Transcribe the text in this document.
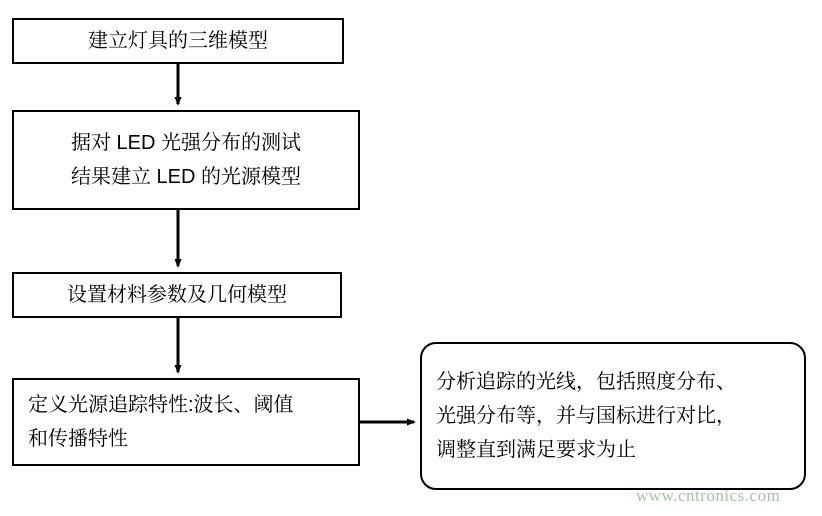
建立灯具的三维模型
据对 LED 光强分布的测试
结果建立 LED 的光源模型
设置材料参数及几何模型
定义光源追踪特性:波长、阈值
和传播特性
分析追踪的光线，包括照度分布、
光强分布等，并与国标进行对比，
调整直到满足要求为止
www.cntronics.com
